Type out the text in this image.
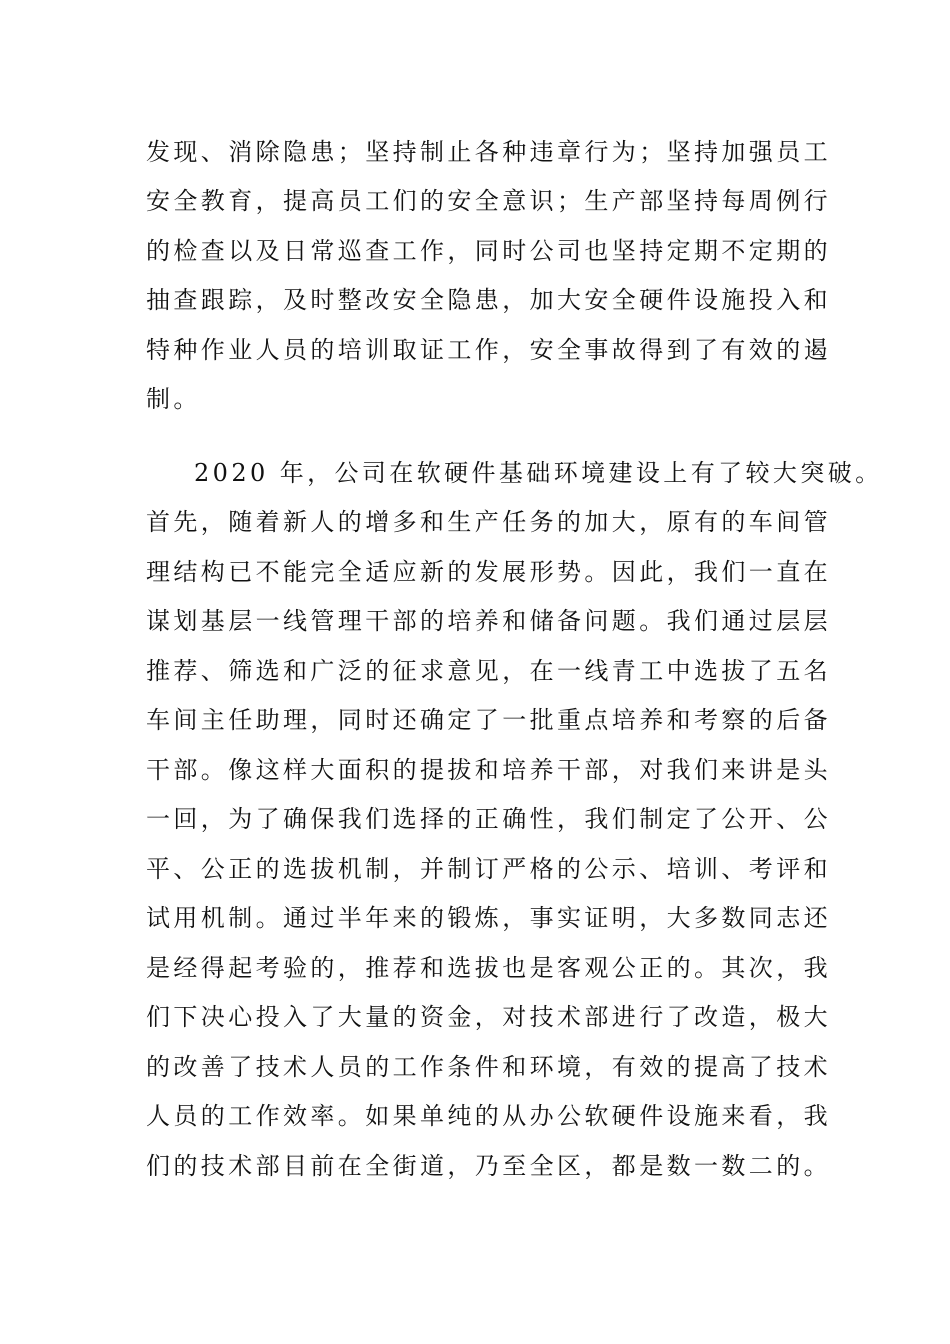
发现、消除隐患；坚持制止各种违章行为；坚持加强员工
安全教育，提高员工们的安全意识；生产部坚持每周例行
的检查以及日常巡查工作，同时公司也坚持定期不定期的
抽查跟踪，及时整改安全隐患，加大安全硬件设施投入和
特种作业人员的培训取证工作，安全事故得到了有效的遏
制。
2020 年，公司在软硬件基础环境建设上有了较大突破。
首先，随着新人的增多和生产任务的加大，原有的车间管
理结构已不能完全适应新的发展形势。因此，我们一直在
谋划基层一线管理干部的培养和储备问题。我们通过层层
推荐、筛选和广泛的征求意见，在一线青工中选拔了五名
车间主任助理，同时还确定了一批重点培养和考察的后备
干部。像这样大面积的提拔和培养干部，对我们来讲是头
一回，为了确保我们选择的正确性，我们制定了公开、公
平、公正的选拔机制，并制订严格的公示、培训、考评和
试用机制。通过半年来的锻炼，事实证明，大多数同志还
是经得起考验的，推荐和选拔也是客观公正的。其次，我
们下决心投入了大量的资金，对技术部进行了改造，极大
的改善了技术人员的工作条件和环境，有效的提高了技术
人员的工作效率。如果单纯的从办公软硬件设施来看，我
们的技术部目前在全街道，乃至全区，都是数一数二的。
